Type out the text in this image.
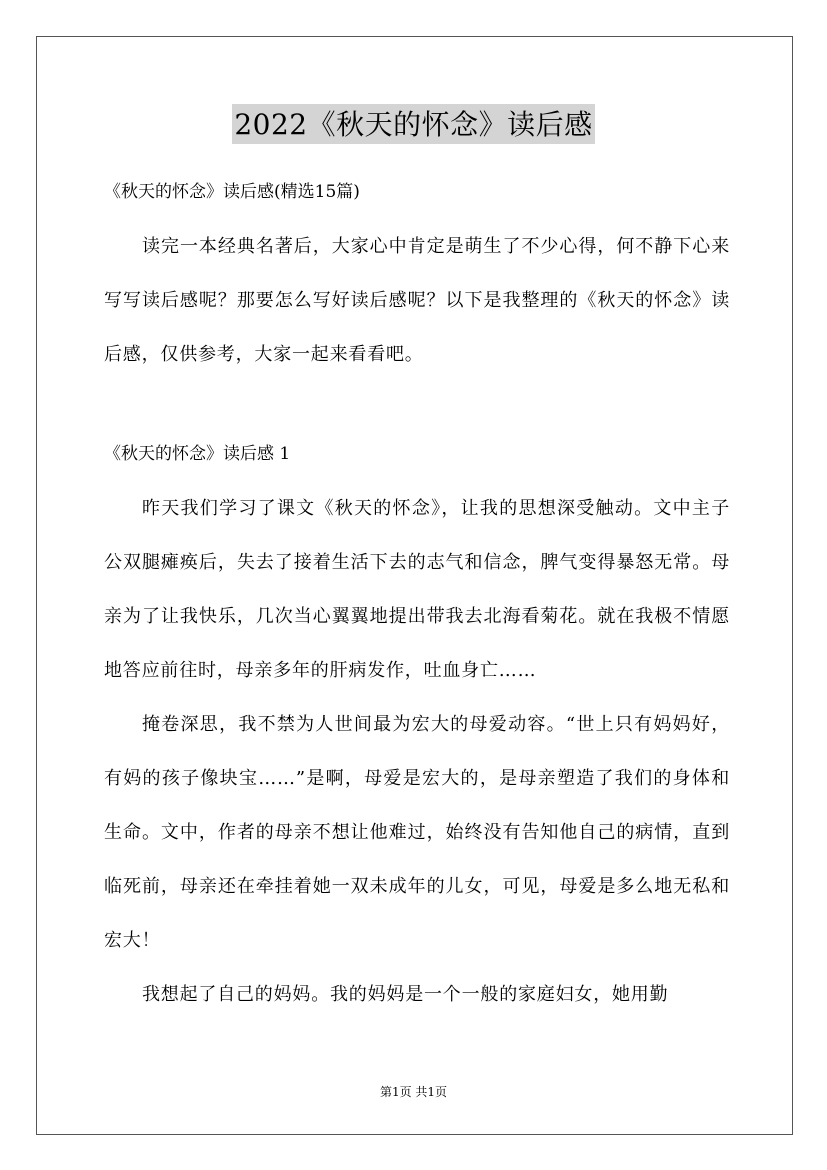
2022《秋天的怀念》读后感
《秋天的怀念》读后感(精选15篇)

读完一本经典名著后，大家心中肯定是萌生了不少心得，何不静下心来写写读后感呢？那要怎么写好读后感呢？以下是我整理的《秋天的怀念》读后感，仅供参考，大家一起来看看吧。

《秋天的怀念》读后感 1

昨天我们学习了课文《秋天的怀念》，让我的思想深受触动。文中主子公双腿瘫痪后，失去了接着生活下去的志气和信念，脾气变得暴怒无常。母亲为了让我快乐，几次当心翼翼地提出带我去北海看菊花。就在我极不情愿地答应前往时，母亲多年的肝病发作，吐血身亡……

掩卷深思，我不禁为人世间最为宏大的母爱动容。“世上只有妈妈好，有妈的孩子像块宝……”是啊，母爱是宏大的，是母亲塑造了我们的身体和生命。文中，作者的母亲不想让他难过，始终没有告知他自己的病情，直到临死前，母亲还在牵挂着她一双未成年的儿女，可见，母爱是多么地无私和宏大！

我想起了自己的妈妈。我的妈妈是一个一般的家庭妇女，她用勤

第1页 共1页
